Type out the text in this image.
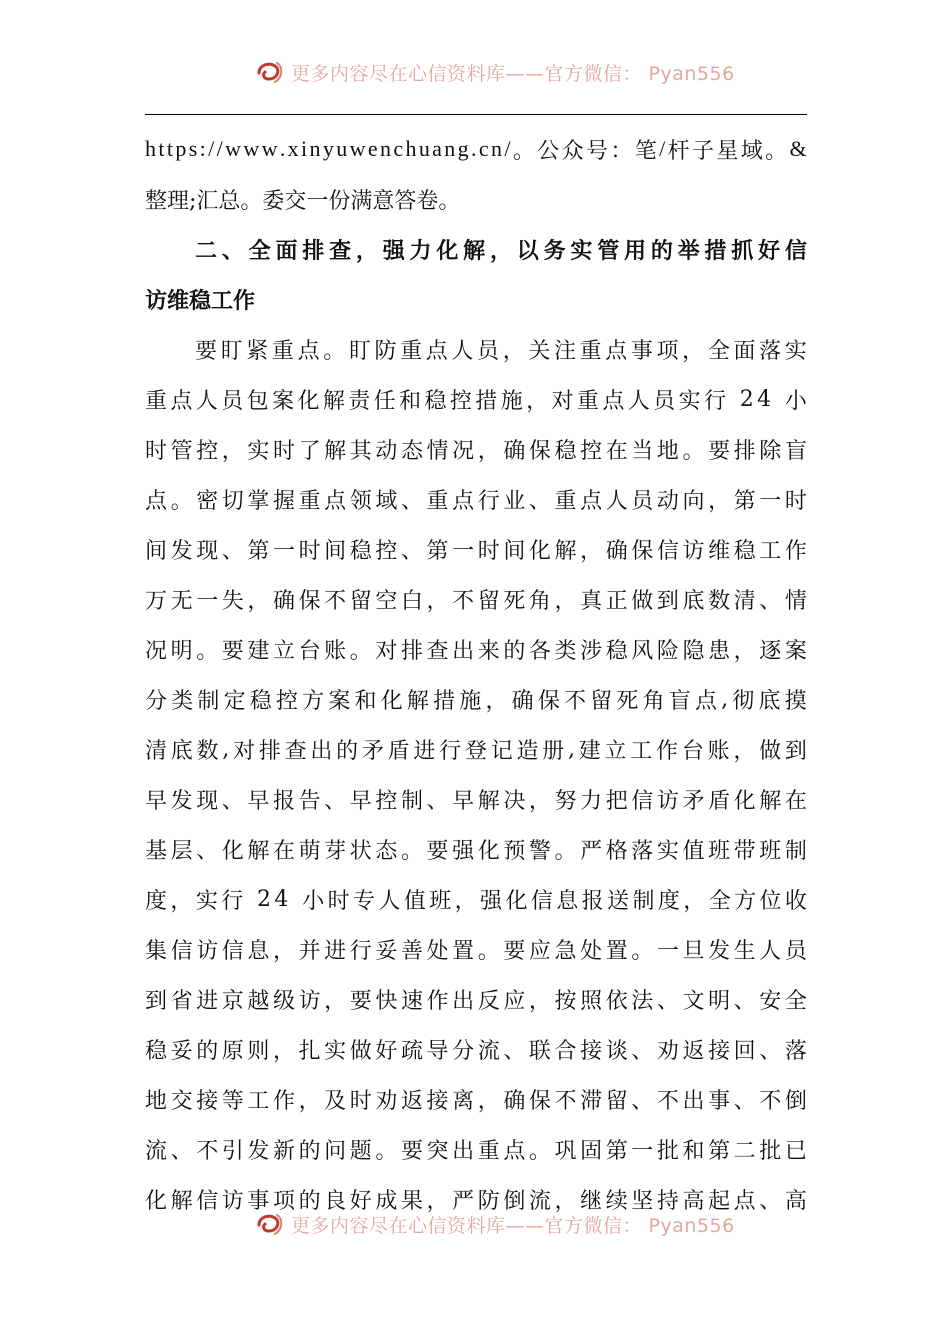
更多内容尽在心信资料库——官方微信： Pyan556
h t t p s : / / w w w . x i n y u w e n c h u a n g . c n / 。 公 众 号 ： 笔 / 杆 子 星 域 。 &
整理;汇总。委交一份满意答卷。
二 、 全 面 排 查 ， 强 力 化 解 ， 以 务 实 管 用 的 举 措 抓 好 信
访维稳工作
要 盯 紧 重 点 。 盯 防 重 点 人 员 ， 关 注 重 点 事 项 ， 全 面 落 实
重 点 人 员 包 案 化 解 责 任 和 稳 控 措 施 ， 对 重 点 人 员 实 行
2 4
小
时 管 控 ， 实 时 了 解 其 动 态 情 况 ， 确 保 稳 控 在 当 地 。 要 排 除 盲
点 。 密 切 掌 握 重 点 领 域 、 重 点 行 业 、 重 点 人 员 动 向 ， 第 一 时
间 发 现 、 第 一 时 间 稳 控 、 第 一 时 间 化 解 ， 确 保 信 访 维 稳 工 作
万 无 一 失 ， 确 保 不 留 空 白 ， 不 留 死 角 ， 真 正 做 到 底 数 清 、 情
况 明 。 要 建 立 台 账 。 对 排 查 出 来 的 各 类 涉 稳 风 险 隐 患 ， 逐 案
分 类 制 定 稳 控 方 案 和 化 解 措 施 ， 确 保 不 留 死 角 盲 点 , 彻 底 摸
清 底 数 , 对 排 查 出 的 矛 盾 进 行 登 记 造 册 , 建 立 工 作 台 账 ， 做 到
早 发 现 、 早 报 告 、 早 控 制 、 早 解 决 ， 努 力 把 信 访 矛 盾 化 解 在
基 层 、 化 解 在 萌 芽 状 态 。 要 强 化 预 警 。 严 格 落 实 值 班 带 班 制
度 ， 实 行
2 4
小 时 专 人 值 班 ， 强 化 信 息 报 送 制 度 ， 全 方 位 收
集 信 访 信 息 ， 并 进 行 妥 善 处 置 。 要 应 急 处 置 。 一 旦 发 生 人 员
到 省 进 京 越 级 访 ， 要 快 速 作 出 反 应 ， 按 照 依 法 、 文 明 、 安 全
稳 妥 的 原 则 ， 扎 实 做 好 疏 导 分 流 、 联 合 接 谈 、 劝 返 接 回 、 落
地 交 接 等 工 作 ， 及 时 劝 返 接 离 ， 确 保 不 滞 留 、 不 出 事 、 不 倒
流 、 不 引 发 新 的 问 题 。 要 突 出 重 点 。 巩 固 第 一 批 和 第 二 批 已
化 解 信 访 事 项 的 良 好 成 果 ， 严 防 倒 流 ， 继 续 坚 持 高 起 点 、 高
更多内容尽在心信资料库——官方微信： Pyan556
